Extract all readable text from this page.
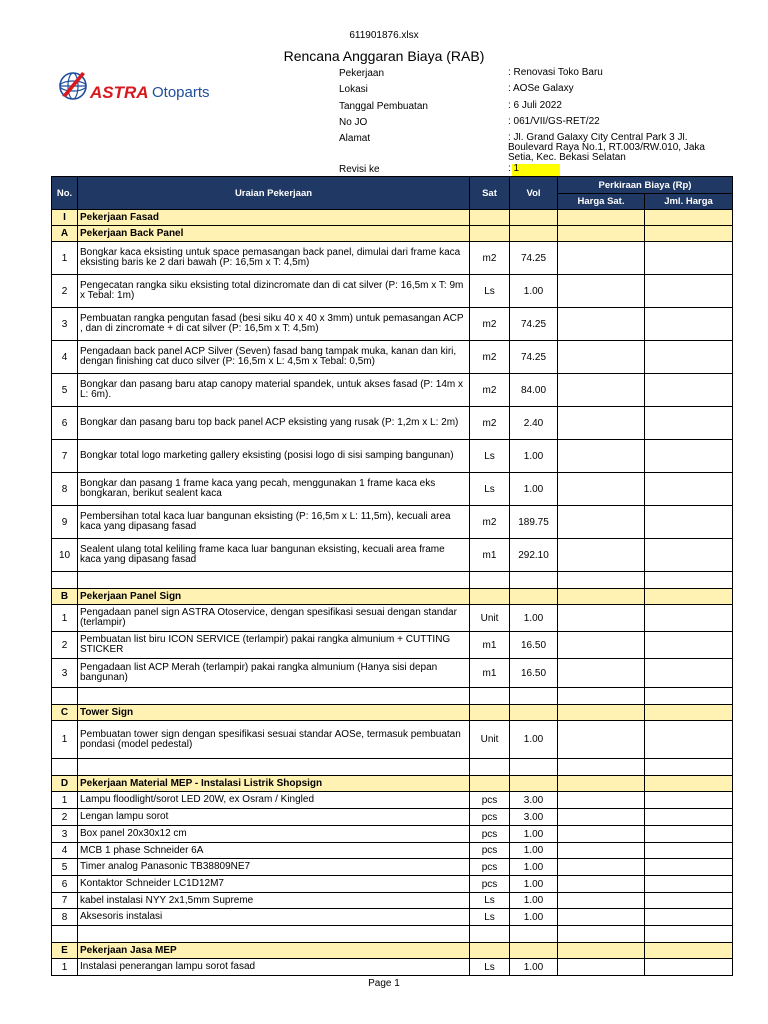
611901876.xlsx
Rencana Anggaran Biaya (RAB)
ASTRA Otoparts
Pekerjaan	: Renovasi Toko Baru
Lokasi	: AOSe Galaxy
Tanggal Pembuatan	: 6 Juli 2022
No JO	: 061/VII/GS-RET/22
Alamat	: Jl. Grand Galaxy City Central Park 3 Jl. Boulevard Raya No.1, RT.003/RW.010, Jaka Setia, Kec. Bekasi Selatan
Revisi ke	: 1
No.	Uraian Pekerjaan	Sat	Vol	Perkiraan Biaya (Rp)	
				Harga Sat.	Jml. Harga
I	Pekerjaan Fasad				
A	Pekerjaan Back Panel				
1	Bongkar kaca eksisting untuk space pemasangan back panel, dimulai dari frame kaca eksisting baris ke 2 dari bawah (P: 16,5m x T: 4,5m)	m2	74.25		
2	Pengecatan rangka siku eksisting total dizincromate dan di cat silver (P: 16,5m x T: 9m x Tebal: 1m)	Ls	1.00		
3	Pembuatan rangka pengutan fasad (besi siku 40 x 40 x 3mm) untuk pemasangan ACP , dan di zincromate + di cat silver (P: 16,5m x T: 4,5m)	m2	74.25		
4	Pengadaan back panel ACP Silver (Seven) fasad bang tampak muka, kanan dan kiri, dengan finishing cat duco silver (P: 16,5m x L: 4,5m x Tebal: 0,5m)	m2	74.25		
5	Bongkar dan pasang baru atap canopy material spandek, untuk akses fasad (P: 14m x L: 6m).	m2	84.00		
6	Bongkar dan pasang baru top back panel ACP eksisting yang rusak (P: 1,2m x L: 2m)	m2	2.40		
7	Bongkar total logo marketing gallery eksisting (posisi logo di sisi samping bangunan)	Ls	1.00		
8	Bongkar dan pasang 1 frame kaca yang pecah, menggunakan 1 frame kaca eks bongkaran, berikut sealent kaca	Ls	1.00		
9	Pembersihan total kaca luar bangunan eksisting (P: 16,5m x L: 11,5m), kecuali area kaca yang dipasang fasad	m2	189.75		
10	Sealent ulang total keliling frame kaca luar bangunan eksisting, kecuali area frame kaca yang dipasang fasad	m1	292.10		

B	Pekerjaan Panel Sign				
1	Pengadaan panel sign ASTRA Otoservice, dengan spesifikasi sesuai dengan standar (terlampir)	Unit	1.00		
2	Pembuatan list biru ICON SERVICE (terlampir) pakai rangka almunium + CUTTING STICKER	m1	16.50		
3	Pengadaan list ACP Merah (terlampir) pakai rangka almunium (Hanya sisi depan bangunan)	m1	16.50		

C	Tower Sign				
1	Pembuatan tower sign dengan spesifikasi sesuai standar AOSe, termasuk pembuatan pondasi (model pedestal)	Unit	1.00		

D	Pekerjaan Material MEP - Instalasi Listrik Shopsign				
1	Lampu floodlight/sorot LED 20W, ex Osram / Kingled	pcs	3.00		
2	Lengan lampu sorot	pcs	3.00		
3	Box panel 20x30x12 cm	pcs	1.00		
4	MCB 1 phase Schneider 6A	pcs	1.00		
5	Timer analog Panasonic TB38809NE7	pcs	1.00		
6	Kontaktor Schneider LC1D12M7	pcs	1.00		
7	kabel instalasi NYY 2x1,5mm Supreme	Ls	1.00		
8	Aksesoris instalasi	Ls	1.00		

E	Pekerjaan Jasa MEP				
1	Instalasi penerangan lampu sorot fasad	Ls	1.00		
Page 1
